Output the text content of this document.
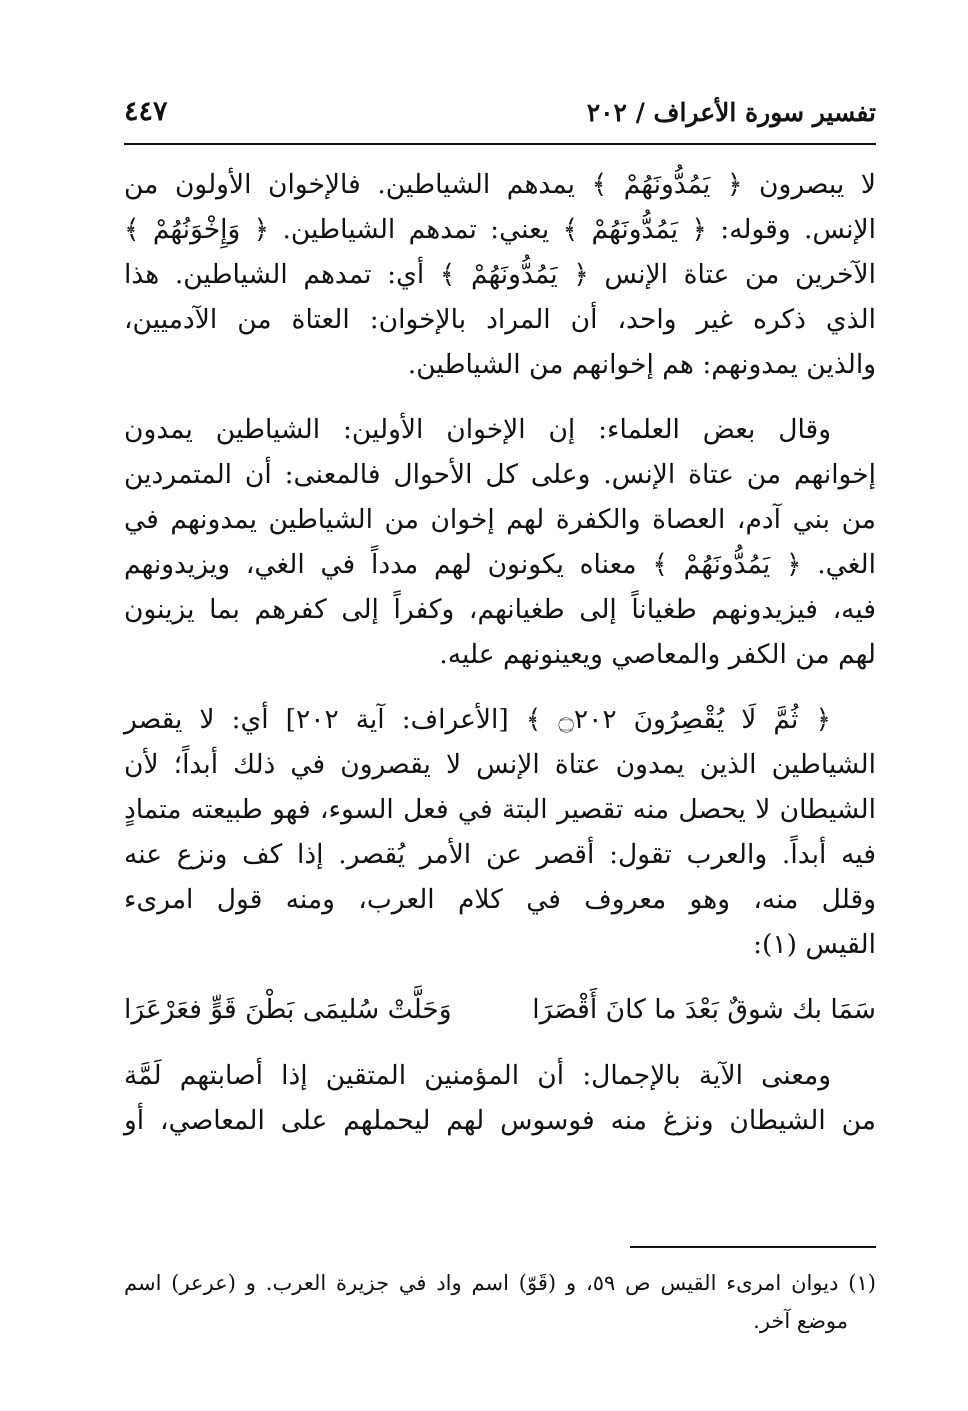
تفسير سورة الأعراف / ٢٠٢
٤٤٧

لا يبصرون ﴿ يَمُدُّونَهُمْ ﴾ يمدهم الشياطين. فالإخوان الأولون من
الإنس. وقوله: ﴿ يَمُدُّونَهُمْ ﴾ يعني: تمدهم الشياطين. ﴿ وَإِخْوَنُهُمْ ﴾
الآخرين من عتاة الإنس ﴿ يَمُدُّونَهُمْ ﴾ أي: تمدهم الشياطين. هذا
الذي ذكره غير واحد، أن المراد بالإخوان: العتاة من الآدميين،
والذين يمدونهم: هم إخوانهم من الشياطين.

وقال بعض العلماء: إن الإخوان الأولين: الشياطين يمدون
إخوانهم من عتاة الإنس. وعلى كل الأحوال فالمعنى: أن المتمردين
من بني آدم، العصاة والكفرة لهم إخوان من الشياطين يمدونهم في
الغي. ﴿ يَمُدُّونَهُمْ ﴾ معناه يكونون لهم مدداً في الغي، ويزيدونهم
فيه، فيزيدونهم طغياناً إلى طغيانهم، وكفراً إلى كفرهم بما يزينون
لهم من الكفر والمعاصي ويعينونهم عليه.

﴿ ثُمَّ لَا يُقْصِرُونَ ۝٢٠٢ ﴾ [الأعراف: آية ٢٠٢] أي: لا يقصر
الشياطين الذين يمدون عتاة الإنس لا يقصرون في ذلك أبداً؛ لأن
الشيطان لا يحصل منه تقصير البتة في فعل السوء، فهو طبيعته متمادٍ
فيه أبداً. والعرب تقول: أقصر عن الأمر يُقصر. إذا كف ونزع عنه
وقلل منه، وهو معروف في كلام العرب، ومنه قول امرىء
القيس (١):

سَمَا بك شوقٌ بَعْدَ ما كانَ أَقْصَرَا
وَحَلَّتْ سُليمَى بَطْنَ قَوٍّ فعَرْعَرَا

ومعنى الآية بالإجمال: أن المؤمنين المتقين إذا أصابتهم لَمَّة
من الشيطان ونزغ منه فوسوس لهم ليحملهم على المعاصي، أو

(١) ديوان امرىء القيس ص ٥٩، و (قَوّ) اسم واد في جزيرة العرب. و (عرعر) اسم
موضع آخر.
